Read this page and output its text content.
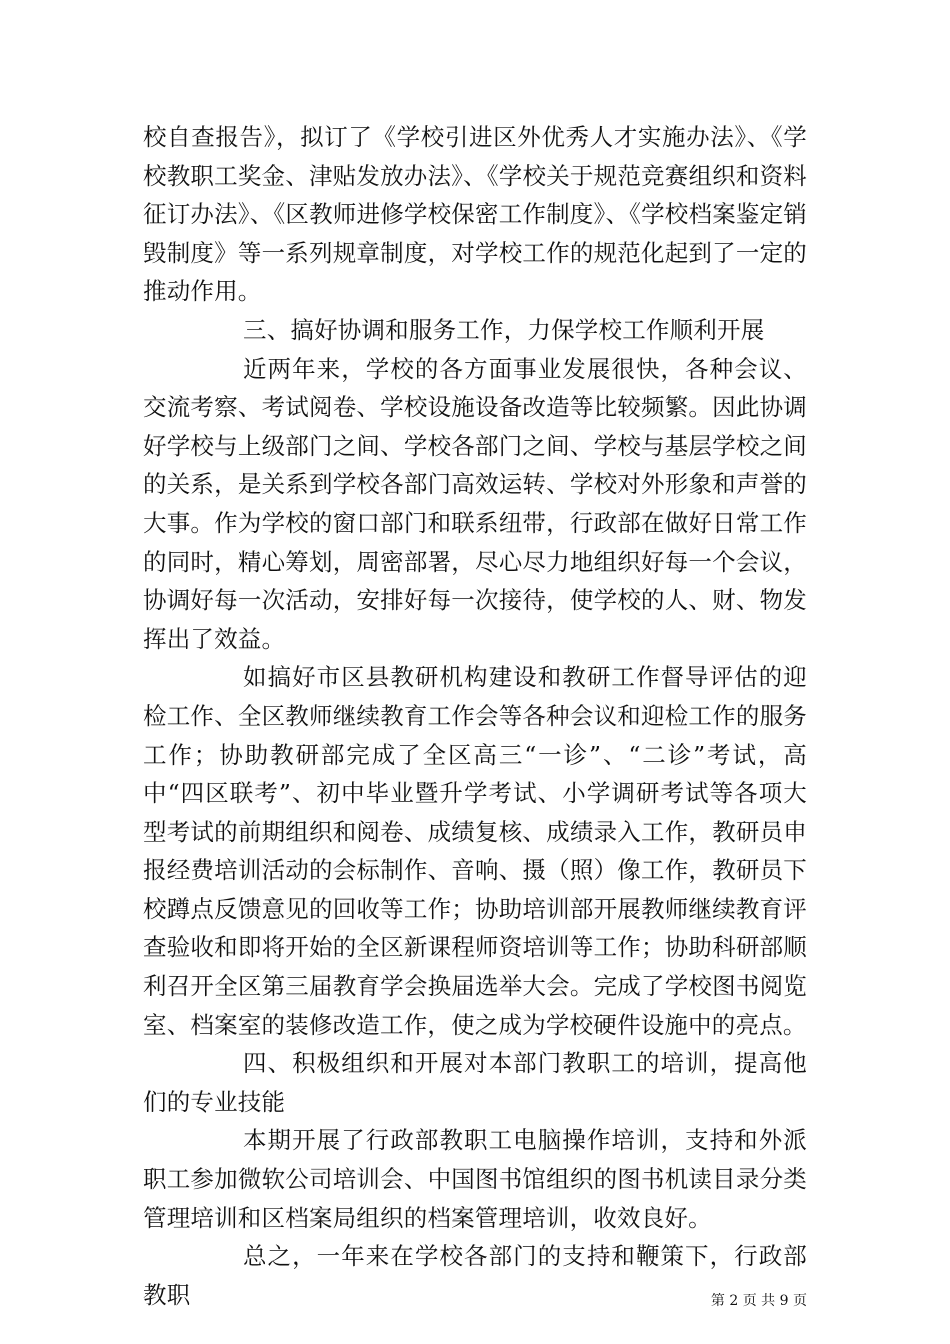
校自查报告》，拟订了《学校引进区外优秀人才实施办法》、《学校教职工奖金、津贴发放办法》、《学校关于规范竞赛组织和资料征订办法》、《区教师进修学校保密工作制度》、《学校档案鉴定销毁制度》等一系列规章制度，对学校工作的规范化起到了一定的推动作用。

三、搞好协调和服务工作，力保学校工作顺利开展

近两年来，学校的各方面事业发展很快，各种会议、交流考察、考试阅卷、学校设施设备改造等比较频繁。因此协调好学校与上级部门之间、学校各部门之间、学校与基层学校之间的关系，是关系到学校各部门高效运转、学校对外形象和声誉的大事。作为学校的窗口部门和联系纽带，行政部在做好日常工作的同时，精心筹划，周密部署，尽心尽力地组织好每一个会议，协调好每一次活动，安排好每一次接待，使学校的人、财、物发挥出了效益。

如搞好市区县教研机构建设和教研工作督导评估的迎检工作、全区教师继续教育工作会等各种会议和迎检工作的服务工作；协助教研部完成了全区高三“一诊”、“二诊”考试，高中“四区联考”、初中毕业暨升学考试、小学调研考试等各项大型考试的前期组织和阅卷、成绩复核、成绩录入工作，教研员申报经费培训活动的会标制作、音响、摄（照）像工作，教研员下校蹲点反馈意见的回收等工作；协助培训部开展教师继续教育评查验收和即将开始的全区新课程师资培训等工作；协助科研部顺利召开全区第三届教育学会换届选举大会。完成了学校图书阅览室、档案室的装修改造工作，使之成为学校硬件设施中的亮点。

四、积极组织和开展对本部门教职工的培训，提高他们的专业技能

本期开展了行政部教职工电脑操作培训，支持和外派职工参加微软公司培训会、中国图书馆组织的图书机读目录分类管理培训和区档案局组织的档案管理培训，收效良好。

总之，一年来在学校各部门的支持和鞭策下，行政部教职	第 2 页 共 9 页
